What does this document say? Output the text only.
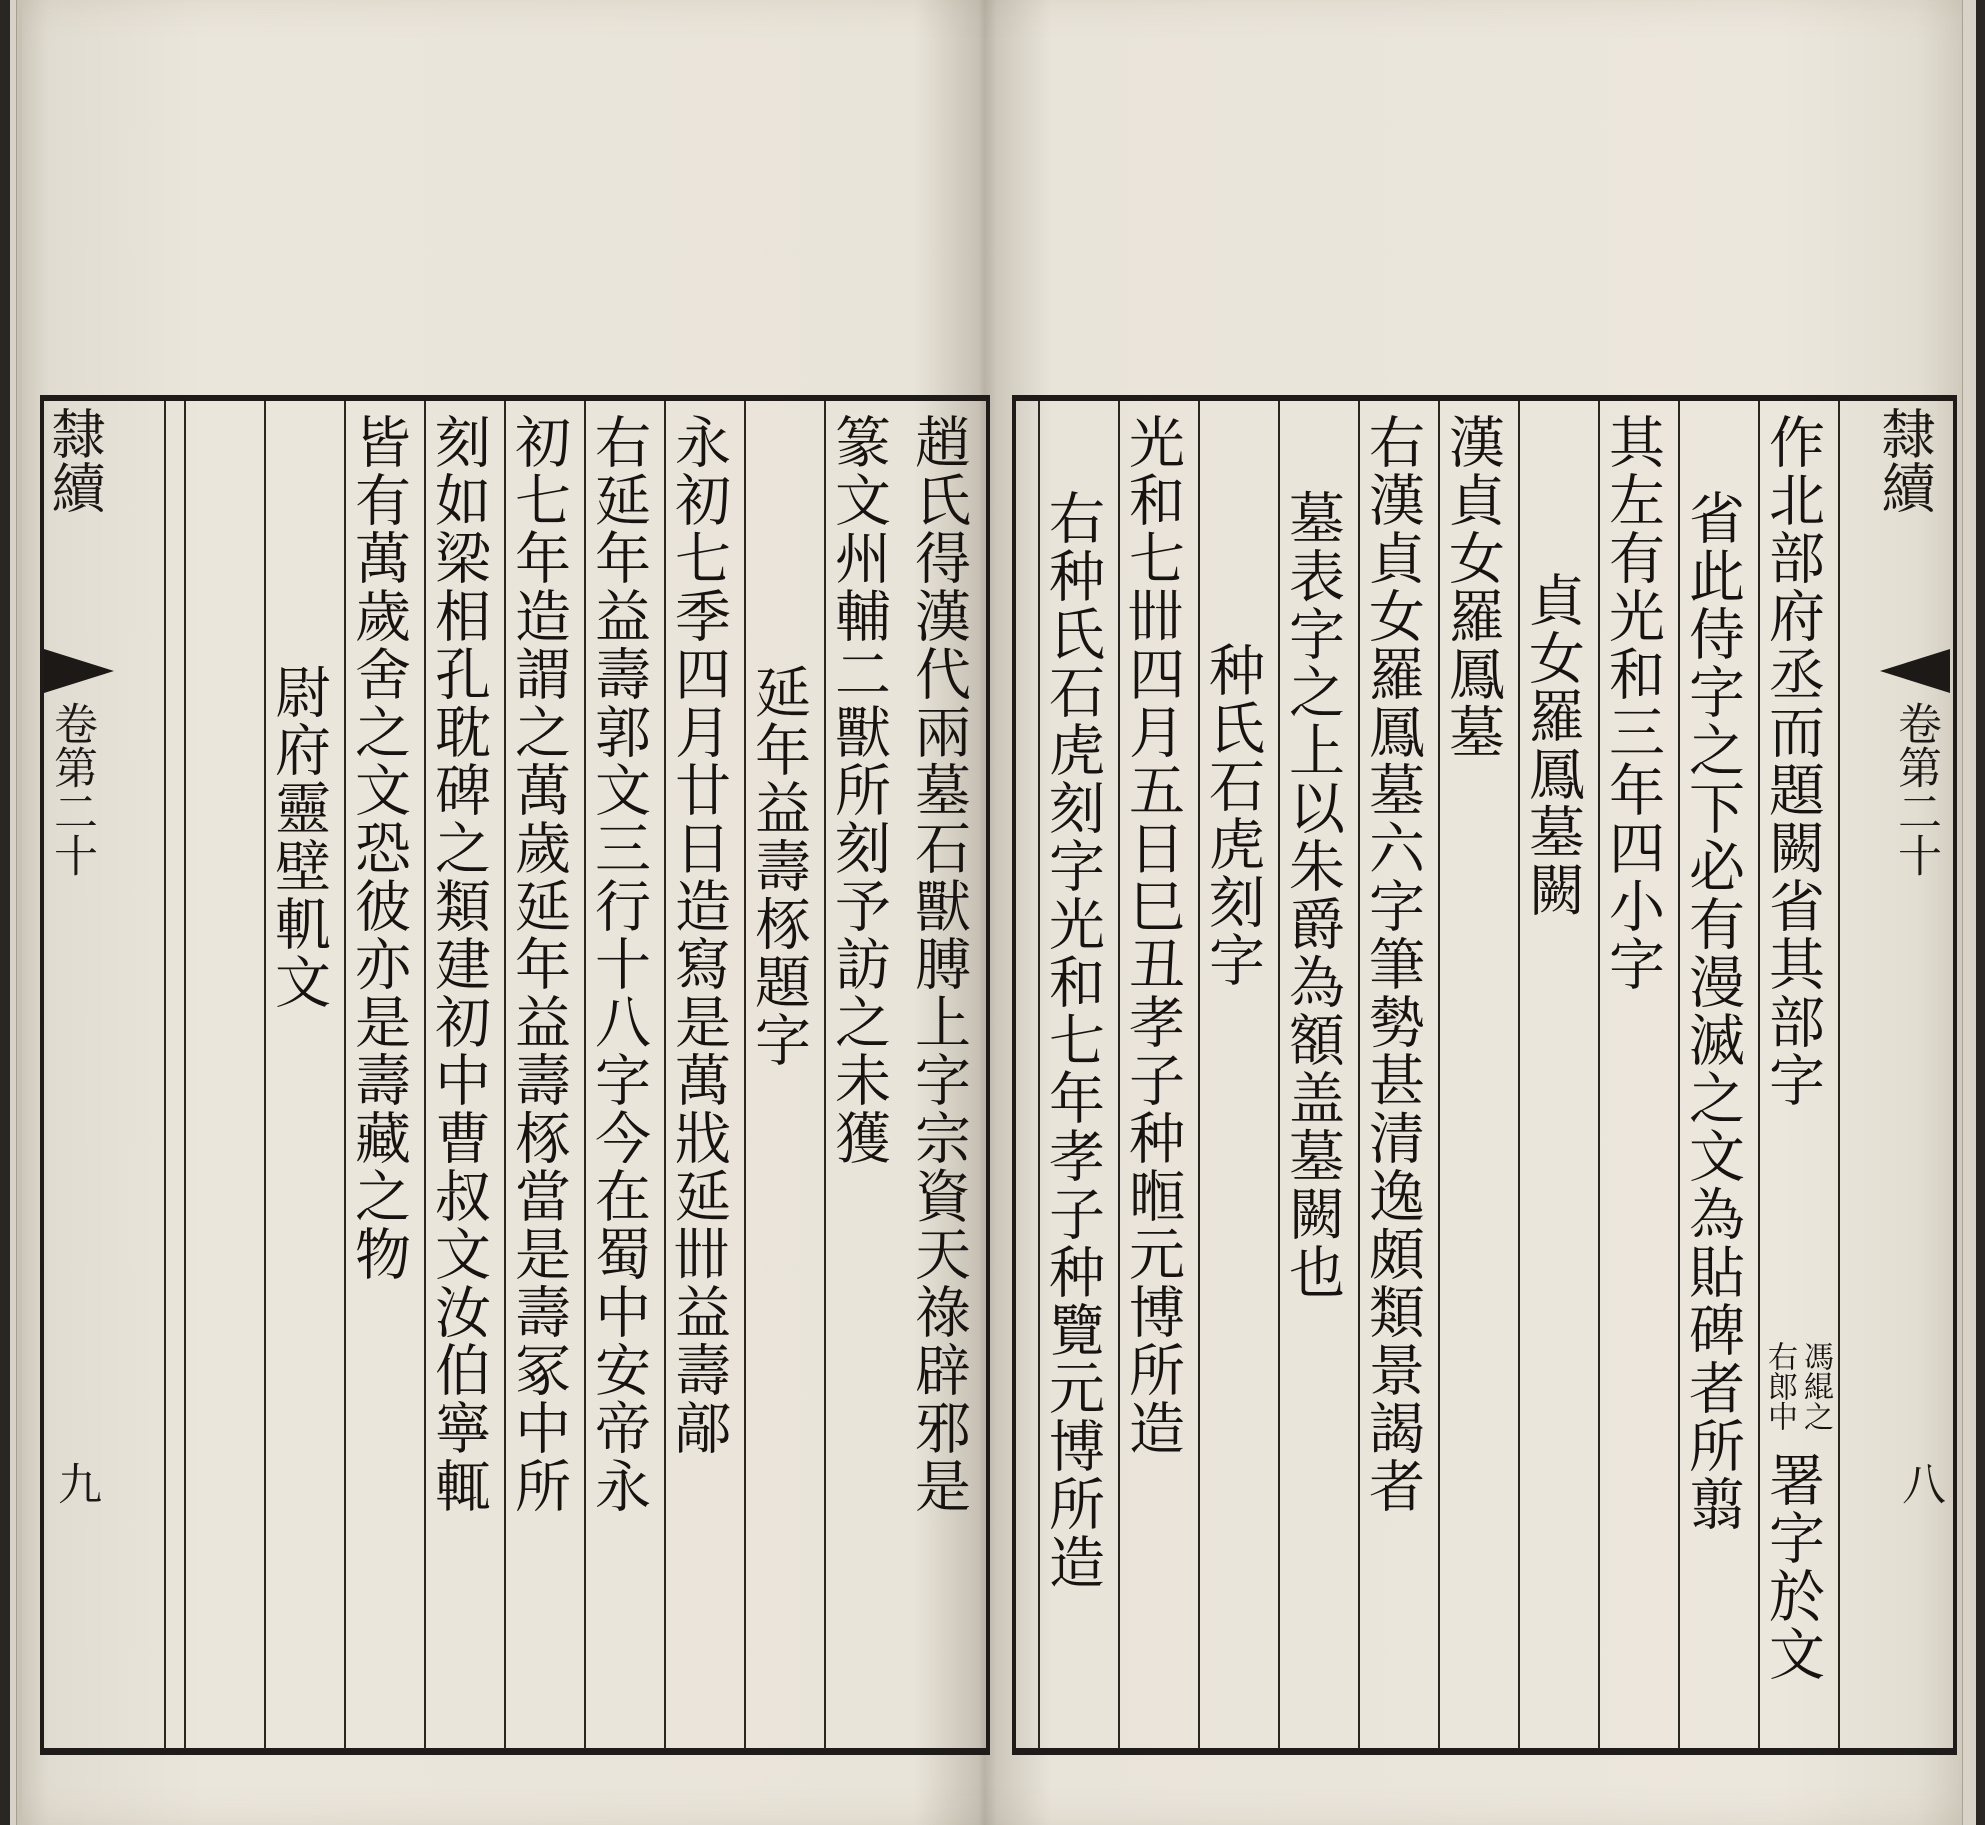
趙氏得漢代兩墓石獸膊上字宗資天祿辟邪是
篆文州輔二獸所刻予訪之未獲
延年益壽㭬題字
永初七季四月廿日造寫是萬戕延𠦜益壽鄗
右延年益壽郭文三行十八字今在蜀中安帝永
初七年造謂之萬歲延年益壽㭬當是壽冢中所
刻如梁相孔耽碑之類建初中曹叔文汝伯寧輒
皆有萬歲舍之文恐彼亦是壽藏之物
尉府靈壁䡄文
隸續
卷第二十
九
作北部府丞而題闕省其部字
馮緄之
右郎中
署字於文
省此侍字之下必有漫滅之文為貼碑者所翦
其左有光和三年四小字
貞女羅鳳墓闕
漢貞女羅鳳墓
右漢貞女羅鳳墓六字筆勢甚清逸頗類景謁者
墓表字之上以朱爵為額盖墓闕也
种氏石虎刻字
光和七𠦜四月五日巳丑孝子种暅元博所造
右种氏石虎刻字光和七年孝子种覽元博所造
隸續
卷第二十
八
